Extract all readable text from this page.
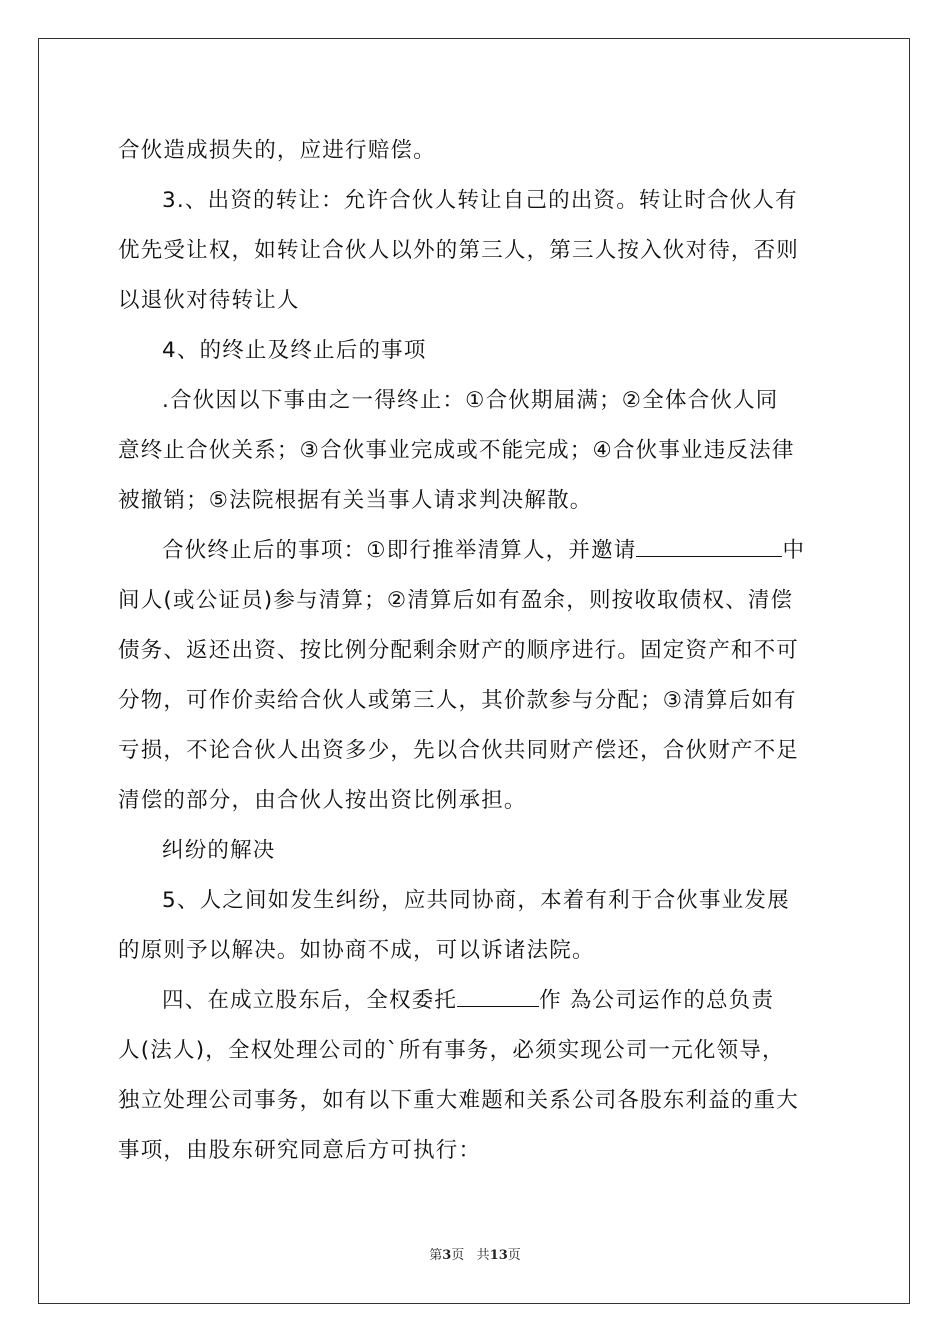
合伙造成损失的，应进行赔偿。
3.、出资的转让：允许合伙人转让自己的出资。转让时合伙人有
优先受让权，如转让合伙人以外的第三人，第三人按入伙对待，否则
以退伙对待转让人
4、的终止及终止后的事项
.合伙因以下事由之一得终止：①合伙期届满；②全体合伙人同
意终止合伙关系；③合伙事业完成或不能完成；④合伙事业违反法律
被撤销；⑤法院根据有关当事人请求判决解散。
合伙终止后的事项：①即行推举清算人，并邀请	中
间人(或公证员)参与清算；②清算后如有盈余，则按收取债权、清偿
债务、返还出资、按比例分配剩余财产的顺序进行。固定资产和不可
分物，可作价卖给合伙人或第三人，其价款参与分配；③清算后如有
亏损，不论合伙人出资多少，先以合伙共同财产偿还，合伙财产不足
清偿的部分，由合伙人按出资比例承担。
纠纷的解决
5、人之间如发生纠纷，应共同协商，本着有利于合伙事业发展
的原则予以解决。如协商不成，可以诉诸法院。
四、在成立股东后，全权委托	作 為公司运作的总负责
人(法人)，全权处理公司的`所有事务，必须实现公司一元化领导，
独立处理公司事务，如有以下重大难题和关系公司各股东利益的重大
事项，由股东研究同意后方可执行：
第3页 共13页
